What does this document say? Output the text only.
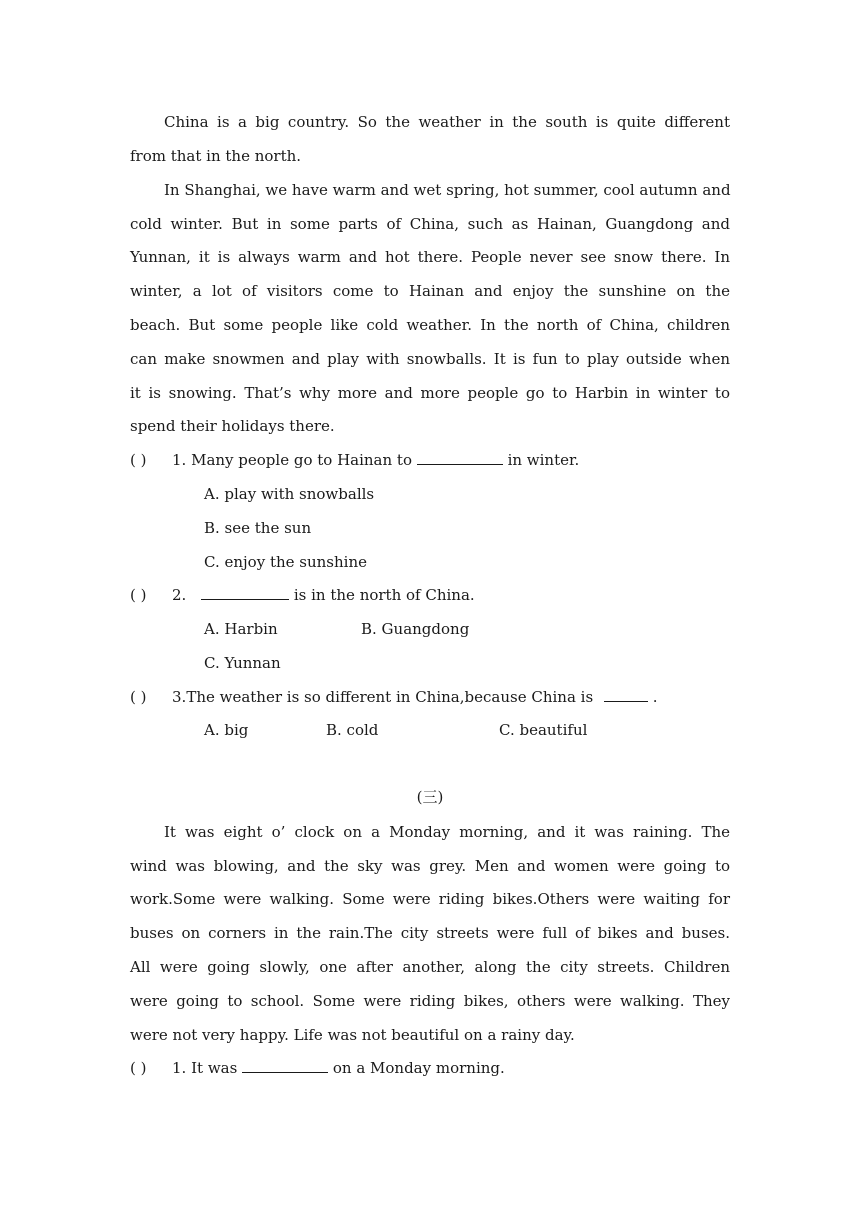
China is a big country. So the weather in the south is quite different
from that in the north.
In Shanghai, we have warm and wet spring, hot summer, cool autumn and
cold winter. But in some parts of China, such as Hainan, Guangdong and
Yunnan, it is always warm and hot there. People never see snow there. In
winter, a lot of visitors come to Hainan and enjoy the sunshine on the
beach. But some people like cold weather. In the north of China, children
can make snowmen and play with snowballs. It is fun to play outside when
it is snowing. That’s why more and more people go to Harbin in winter to
spend their holidays there.
( ) 1. Many people go to Hainan to	in winter.
A. play with snowballs
B. see the sun
C. enjoy the sunshine
( ) 2.	is in the north of China.
A. Harbin	B. Guangdong
C. Yunnan
( ) 3.The weather is so different in China,because China is	.
A. big	B. cold	C. beautiful
(三)
It was eight o’ clock on a Monday morning, and it was raining. The
wind was blowing, and the sky was grey. Men and women were going to
work.Some were walking. Some were riding bikes.Others were waiting for
buses on corners in the rain.The city streets were full of bikes and buses.
All were going slowly, one after another, along the city streets. Children
were going to school. Some were riding bikes, others were walking. They
were not very happy. Life was not beautiful on a rainy day.
( ) 1. It was	on a Monday morning.
